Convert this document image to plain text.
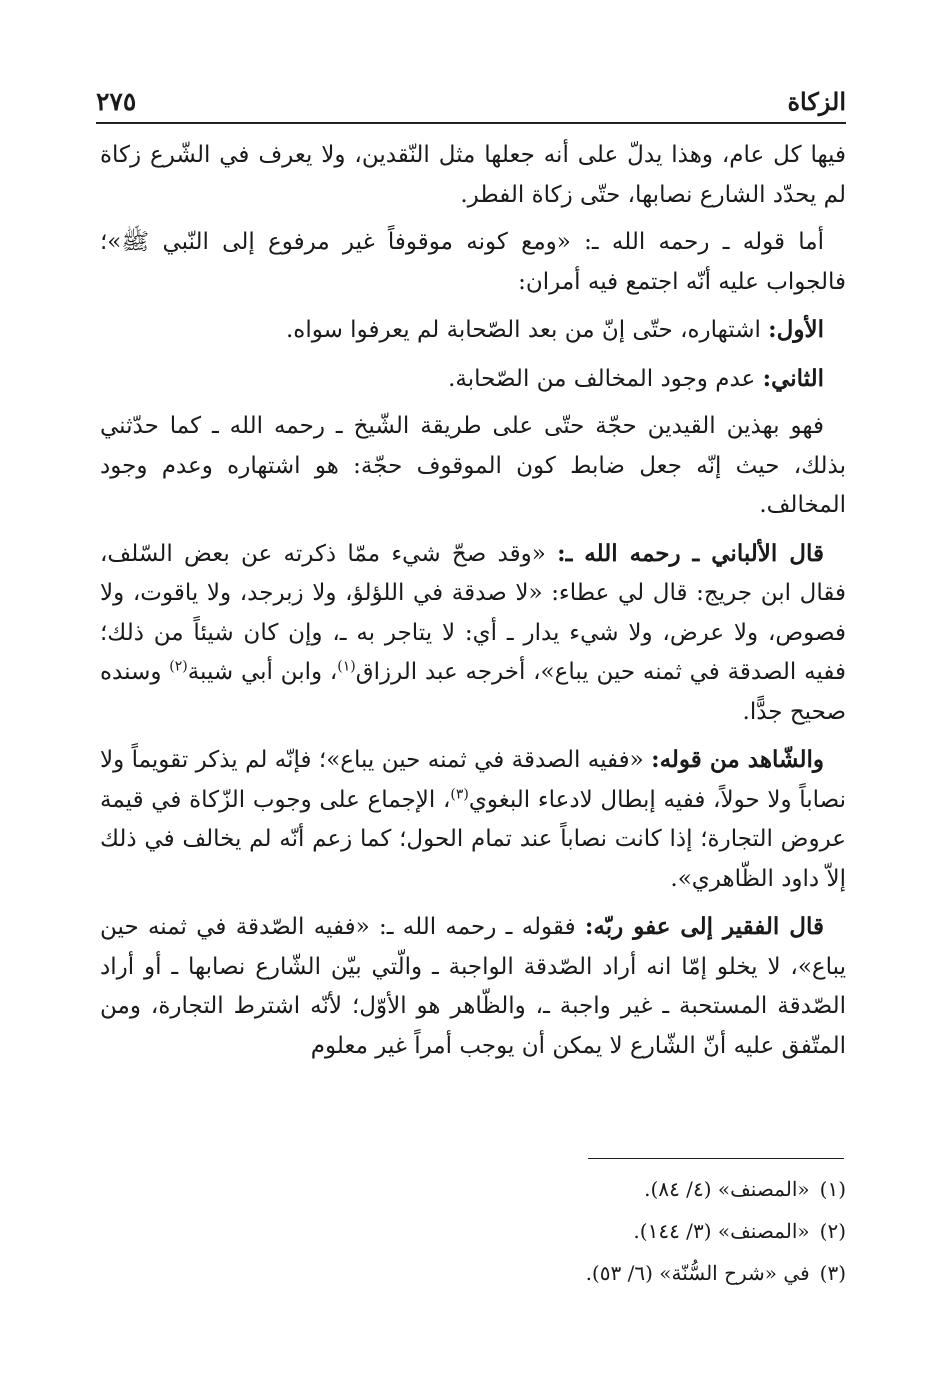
الزكاة
٢٧٥

فيها كل عام، وهذا يدلّ على أنه جعلها مثل النّقدين، ولا يعرف في الشّرع زكاة لم يحدّد الشارع نصابها، حتّى زكاة الفطر.

أما قوله ـ رحمه الله ـ: «ومع كونه موقوفاً غير مرفوع إلى النّبي ﷺ»؛ فالجواب عليه أنّه اجتمع فيه أمران:

الأول: اشتهاره، حتّى إنّ من بعد الصّحابة لم يعرفوا سواه.

الثاني: عدم وجود المخالف من الصّحابة.

فهو بهذين القيدين حجّة حتّى على طريقة الشّيخ ـ رحمه الله ـ كما حدّثني بذلك، حيث إنّه جعل ضابط كون الموقوف حجّة: هو اشتهاره وعدم وجود المخالف.

قال الألباني ـ رحمه الله ـ: «وقد صحّ شيء ممّا ذكرته عن بعض السّلف، فقال ابن جريج: قال لي عطاء: «لا صدقة في اللؤلؤ، ولا زبرجد، ولا ياقوت، ولا فصوص، ولا عرض، ولا شيء يدار ـ أي: لا يتاجر به ـ، وإن كان شيئاً من ذلك؛ ففيه الصدقة في ثمنه حين يباع»، أخرجه عبد الرزاق$^{(١)}$، وابن أبي شيبة$^{(٢)}$ وسنده صحيح جدًّا.

والشّاهد من قوله: «ففيه الصدقة في ثمنه حين يباع»؛ فإنّه لم يذكر تقويماً ولا نصاباً ولا حولاً، ففيه إبطال لادعاء البغوي$^{(٣)}$، الإجماع على وجوب الزّكاة في قيمة عروض التجارة؛ إذا كانت نصاباً عند تمام الحول؛ كما زعم أنّه لم يخالف في ذلك إلاّ داود الظّاهري».

قال الفقير إلى عفو ربّه: فقوله ـ رحمه الله ـ: «ففيه الصّدقة في ثمنه حين يباع»، لا يخلو إمّا انه أراد الصّدقة الواجبة ـ والّتي بيّن الشّارع نصابها ـ أو أراد الصّدقة المستحبة ـ غير واجبة ـ، والظّاهر هو الأوّل؛ لأنّه اشترط التجارة، ومن المتّفق عليه أنّ الشّارع لا يمكن أن يوجب أمراً غير معلوم

(١)«المصنف» (٤/ ٨٤).

(٢)«المصنف» (٣/ ١٤٤).

(٣)في «شرح السُّنّة» (٦/ ٥٣).
